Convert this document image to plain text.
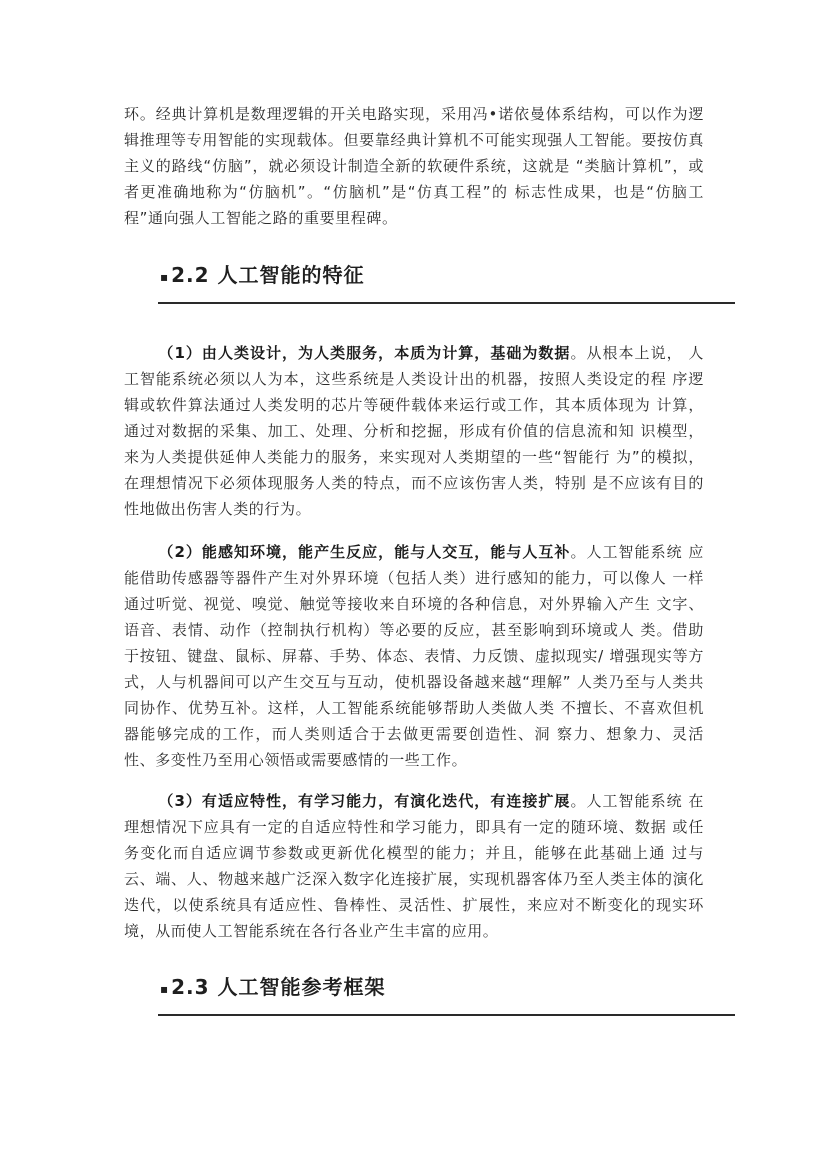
环。经典计算机是数理逻辑的开关电路实现，采用冯•诺依曼体系结构，可以作为逻辑推理等专用智能的实现载体。但要靠经典计算机不可能实现强人工智能。要按仿真主义的路线“仿脑”，就必须设计制造全新的软硬件系统，这就是 “类脑计算机”，或者更准确地称为“仿脑机”。“仿脑机”是“仿真工程”的 标志性成果，也是“仿脑工程”通向强人工智能之路的重要里程碑。

▪ 2.2 人工智能的特征

（1）由人类设计，为人类服务，本质为计算，基础为数据。从根本上说， 人工智能系统必须以人为本，这些系统是人类设计出的机器，按照人类设定的程 序逻辑或软件算法通过人类发明的芯片等硬件载体来运行或工作，其本质体现为 计算，通过对数据的采集、加工、处理、分析和挖掘，形成有价值的信息流和知 识模型，来为人类提供延伸人类能力的服务，来实现对人类期望的一些“智能行 为”的模拟，在理想情况下必须体现服务人类的特点，而不应该伤害人类，特别 是不应该有目的性地做出伤害人类的行为。

（2）能感知环境，能产生反应，能与人交互，能与人互补。人工智能系统 应能借助传感器等器件产生对外界环境（包括人类）进行感知的能力，可以像人 一样通过听觉、视觉、嗅觉、触觉等接收来自环境的各种信息，对外界输入产生 文字、语音、表情、动作（控制执行机构）等必要的反应，甚至影响到环境或人 类。借助于按钮、键盘、鼠标、屏幕、手势、体态、表情、力反馈、虚拟现实/ 增强现实等方式，人与机器间可以产生交互与互动，使机器设备越来越“理解” 人类乃至与人类共同协作、优势互补。这样，人工智能系统能够帮助人类做人类 不擅长、不喜欢但机器能够完成的工作，而人类则适合于去做更需要创造性、洞 察力、想象力、灵活性、多变性乃至用心领悟或需要感情的一些工作。

（3）有适应特性，有学习能力，有演化迭代，有连接扩展。人工智能系统 在理想情况下应具有一定的自适应特性和学习能力，即具有一定的随环境、数据 或任务变化而自适应调节参数或更新优化模型的能力；并且，能够在此基础上通 过与云、端、人、物越来越广泛深入数字化连接扩展，实现机器客体乃至人类主体的演化迭代，以使系统具有适应性、鲁棒性、灵活性、扩展性，来应对不断变化的现实环境，从而使人工智能系统在各行各业产生丰富的应用。

▪ 2.3 人工智能参考框架
